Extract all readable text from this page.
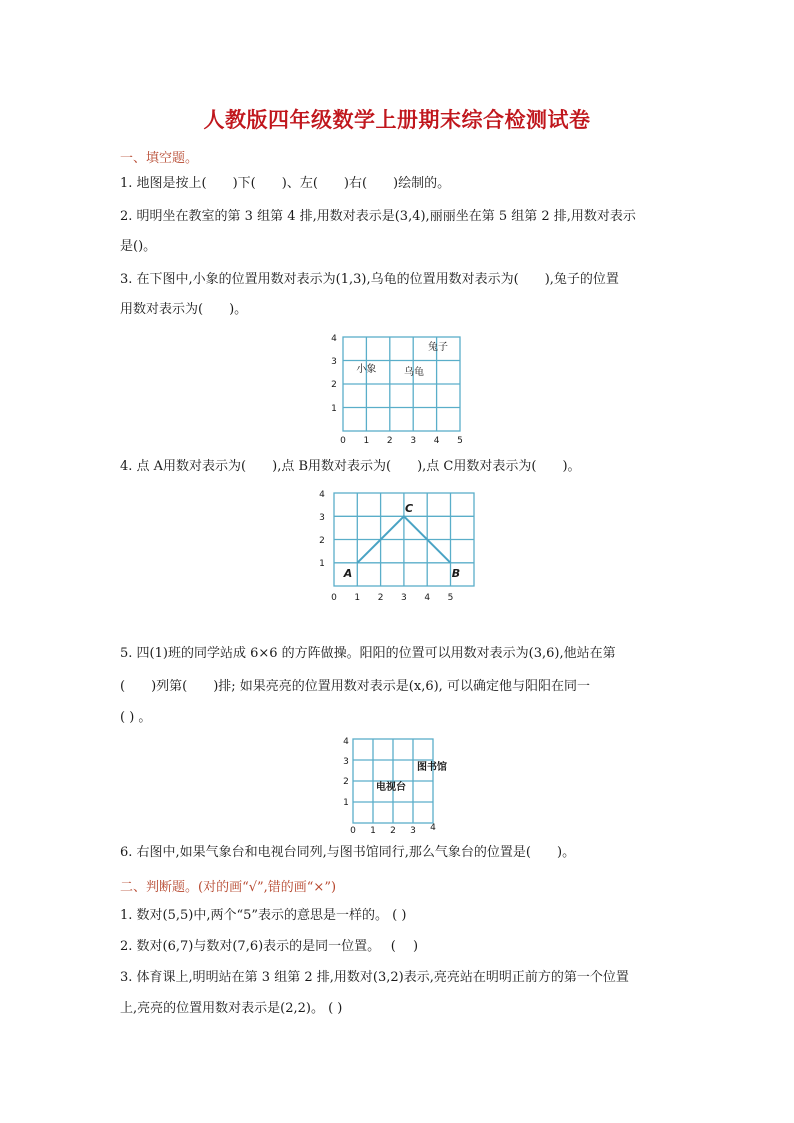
人教版四年级数学上册期末综合检测试卷
一、填空题。
1. 地图是按上(　　)下(　　)、左(　　)右(　　)绘制的。
2. 明明坐在教室的第 3 组第 4 排,用数对表示是(3,4),丽丽坐在第 5 组第 2 排,用数对表示
是()。
3. 在下图中,小象的位置用数对表示为(1,3),乌龟的位置用数对表示为(　　),兔子的位置
用数对表示为(　　)。
0 1 2 3 4 5
1
2
3
4
小象	乌龟
兔子
4. 点 A用数对表示为(　　),点 B用数对表示为(　　),点 C用数对表示为(　　)。
0 1 2 3 4 5
1
2
3
4
A	B
C
5. 四(1)班的同学站成 6×6 的方阵做操。阳阳的位置可以用数对表示为(3,6),他站在第
(　　)列第(　　)排; 如果亮亮的位置用数对表示是(x,6), 可以确定他与阳阳在同一
( ) 。
0 1 2 3 4
1
2
3
4
图书馆
电视台
6. 右图中,如果气象台和电视台同列,与图书馆同行,那么气象台的位置是(　　)。
二、判断题。(对的画“√”,错的画“×”)
1. 数对(5,5)中,两个“5”表示的意思是一样的。 ( )
2. 数对(6,7)与数对(7,6)表示的是同一位置。　 (　 )
3. 体育课上,明明站在第 3 组第 2 排,用数对(3,2)表示,亮亮站在明明正前方的第一个位置
上,亮亮的位置用数对表示是(2,2)。 ( )
